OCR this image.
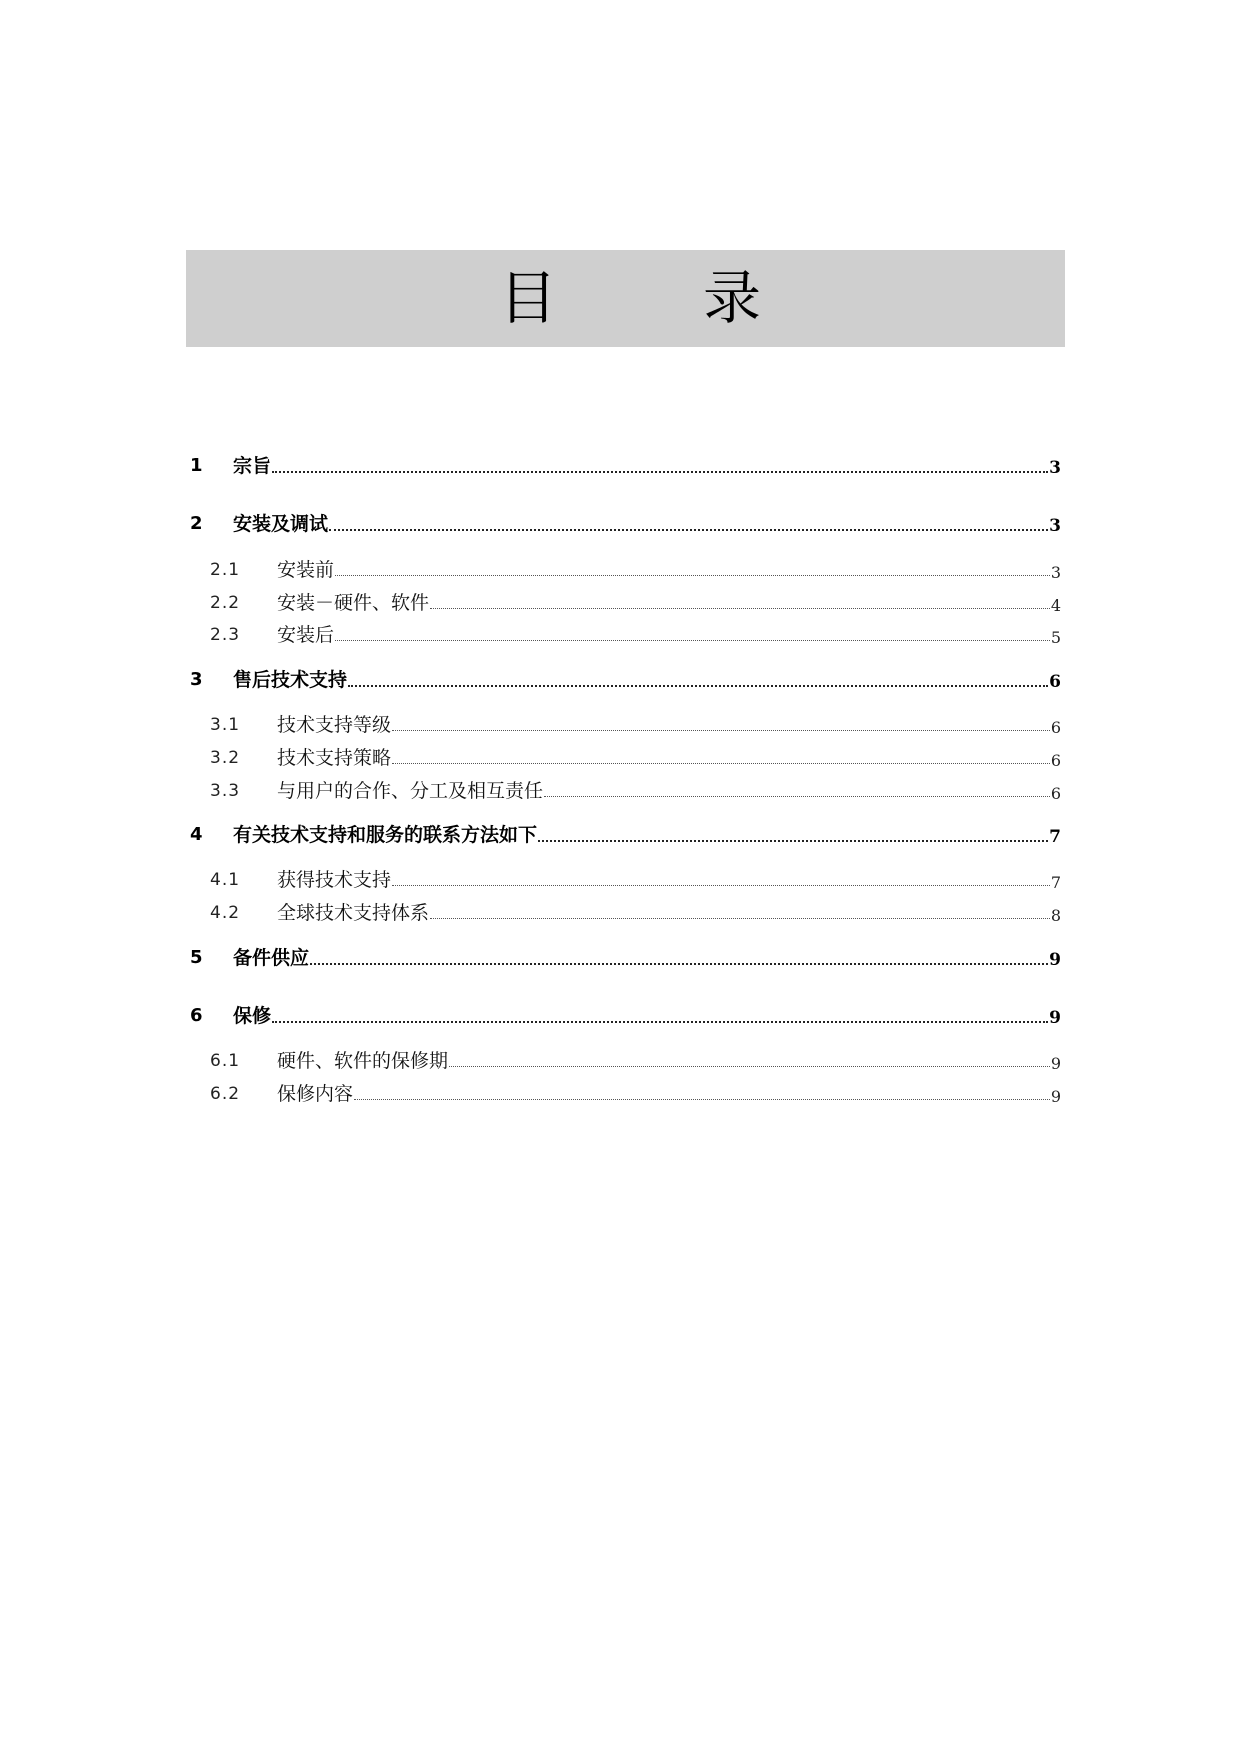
目	录
1 宗旨	3
2 安装及调试	3
2.1 安装前	3
2.2 安装－硬件、软件	4
2.3 安装后	5
3 售后技术支持	6
3.1 技术支持等级	6
3.2 技术支持策略	6
3.3 与用户的合作、分工及相互责任	6
4 有关技术支持和服务的联系方法如下	7
4.1 获得技术支持	7
4.2 全球技术支持体系	8
5 备件供应	9
6 保修	9
6.1 硬件、软件的保修期	9
6.2 保修内容	9
